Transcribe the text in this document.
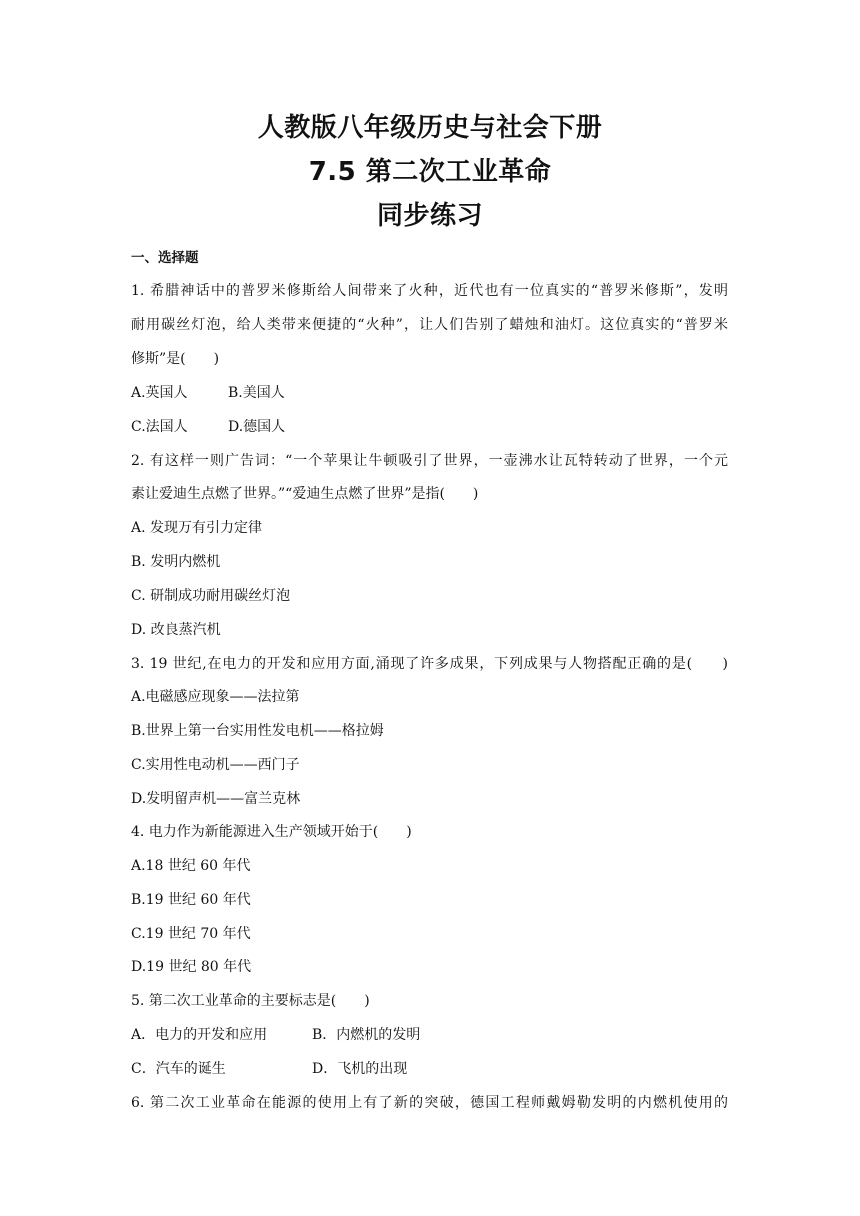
人教版八年级历史与社会下册
7.5 第二次工业革命
同步练习
一、选择题
1. 希腊神话中的普罗米修斯给人间带来了火种，近代也有一位真实的“普罗米修斯”，发明
耐用碳丝灯泡，给人类带来便捷的“火种”，让人们告别了蜡烛和油灯。这位真实的“普罗米
修斯”是(　　)
A.英国人	B.美国人
C.法国人	D.德国人
2. 有这样一则广告词：“一个苹果让牛顿吸引了世界，一壶沸水让瓦特转动了世界，一个元
素让爱迪生点燃了世界。”“爱迪生点燃了世界”是指(　　)
A. 发现万有引力定律
B. 发明内燃机
C. 研制成功耐用碳丝灯泡
D. 改良蒸汽机
3. 19 世纪,在电力的开发和应用方面,涌现了许多成果，下列成果与人物搭配正确的是(　　)
A.电磁感应现象——法拉第
B.世界上第一台实用性发电机——格拉姆
C.实用性电动机——西门子
D.发明留声机——富兰克林
4. 电力作为新能源进入生产领域开始于(　　)
A.18 世纪 60 年代
B.19 世纪 60 年代
C.19 世纪 70 年代
D.19 世纪 80 年代
5. 第二次工业革命的主要标志是(　　)
A．电力的开发和应用	B．内燃机的发明
C．汽车的诞生	D．飞机的出现
6. 第二次工业革命在能源的使用上有了新的突破，德国工程师戴姆勒发明的内燃机使用的
